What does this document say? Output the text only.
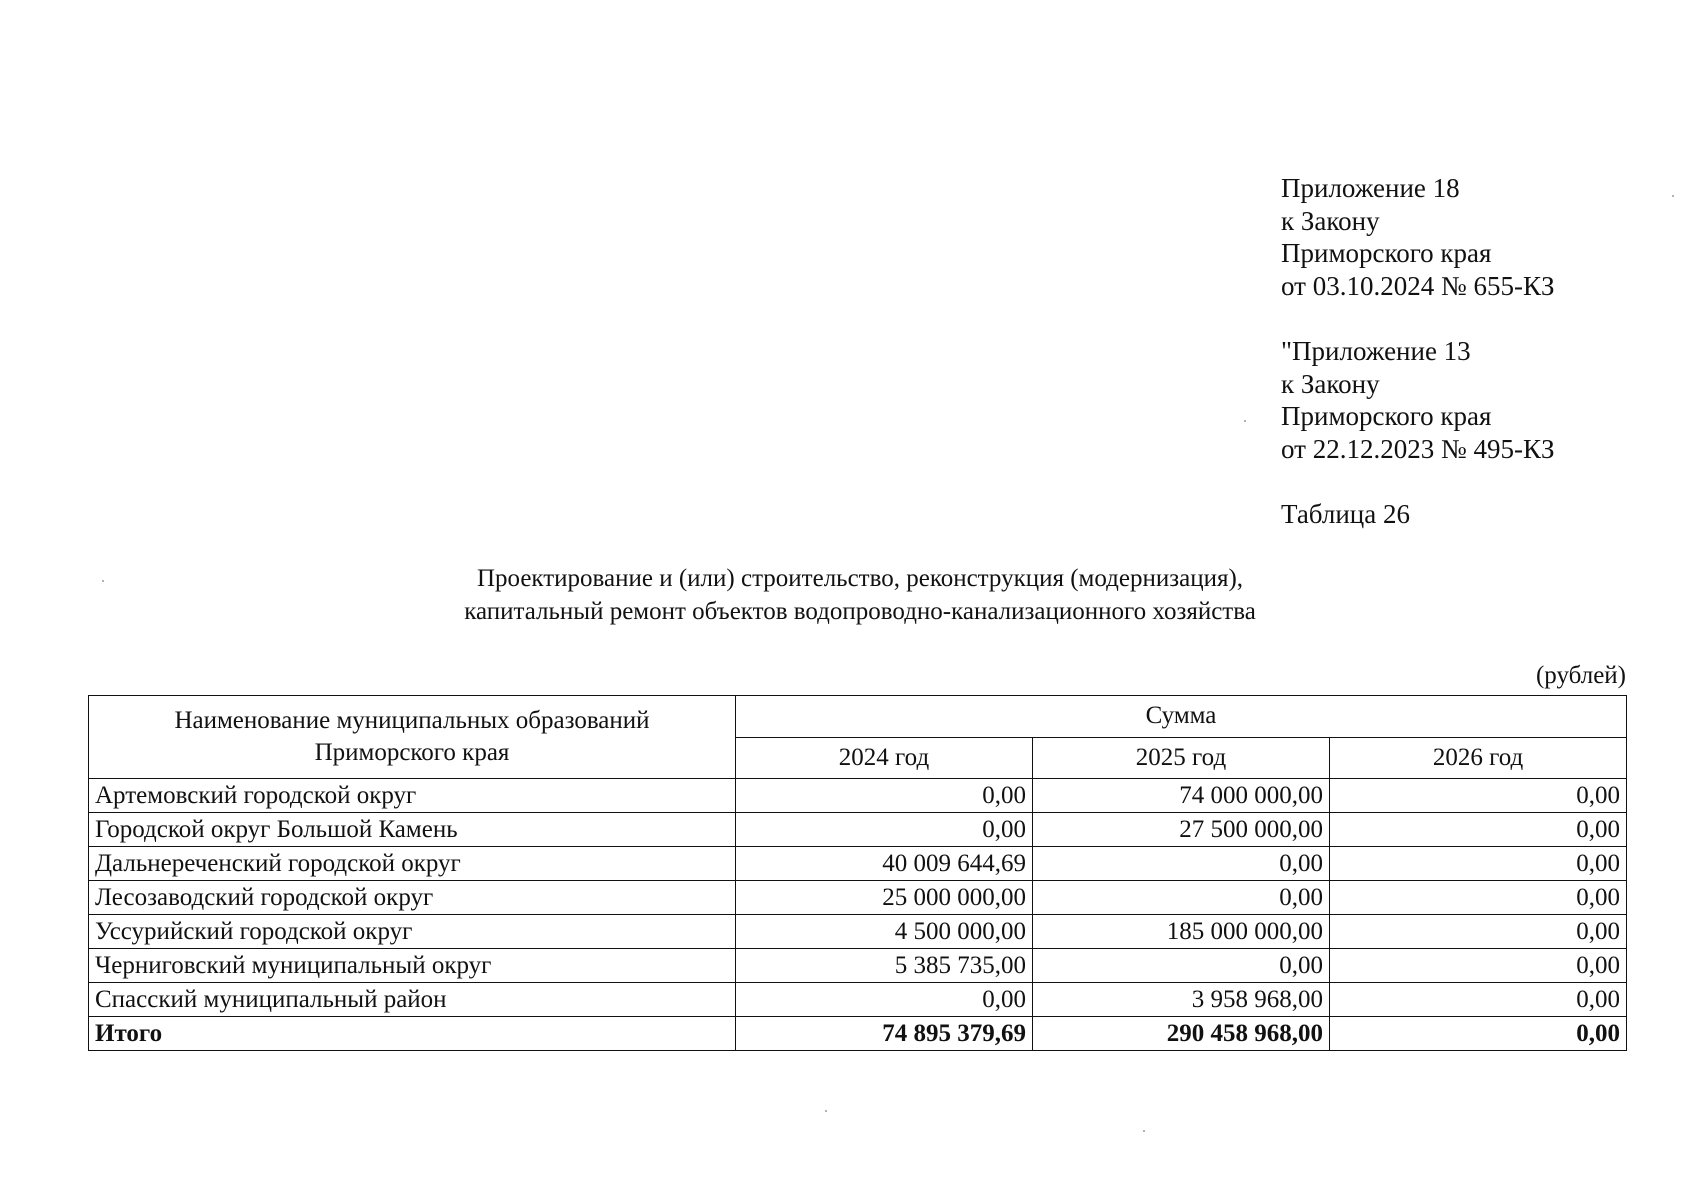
Приложение 18
к Закону
Приморского края
от 03.10.2024 № 655-КЗ
"Приложение 13
к Закону
Приморского края
от 22.12.2023 № 495-КЗ
Таблица 26
Проектирование и (или) строительство, реконструкция (модернизация),
капитальный ремонт объектов водопроводно-канализационного хозяйства
(рублей)
Наименование муниципальных образований
Приморского края	Сумма		
	2024 год	2025 год	2026 год
Артемовский городской округ	0,00	74 000 000,00	0,00
Городской округ Большой Камень	0,00	27 500 000,00	0,00
Дальнереченский городской округ	40 009 644,69	0,00	0,00
Лесозаводский городской округ	25 000 000,00	0,00	0,00
Уссурийский городской округ	4 500 000,00	185 000 000,00	0,00
Черниговский муниципальный округ	5 385 735,00	0,00	0,00
Спасский муниципальный район	0,00	3 958 968,00	0,00
Итого	74 895 379,69	290 458 968,00	0,00
